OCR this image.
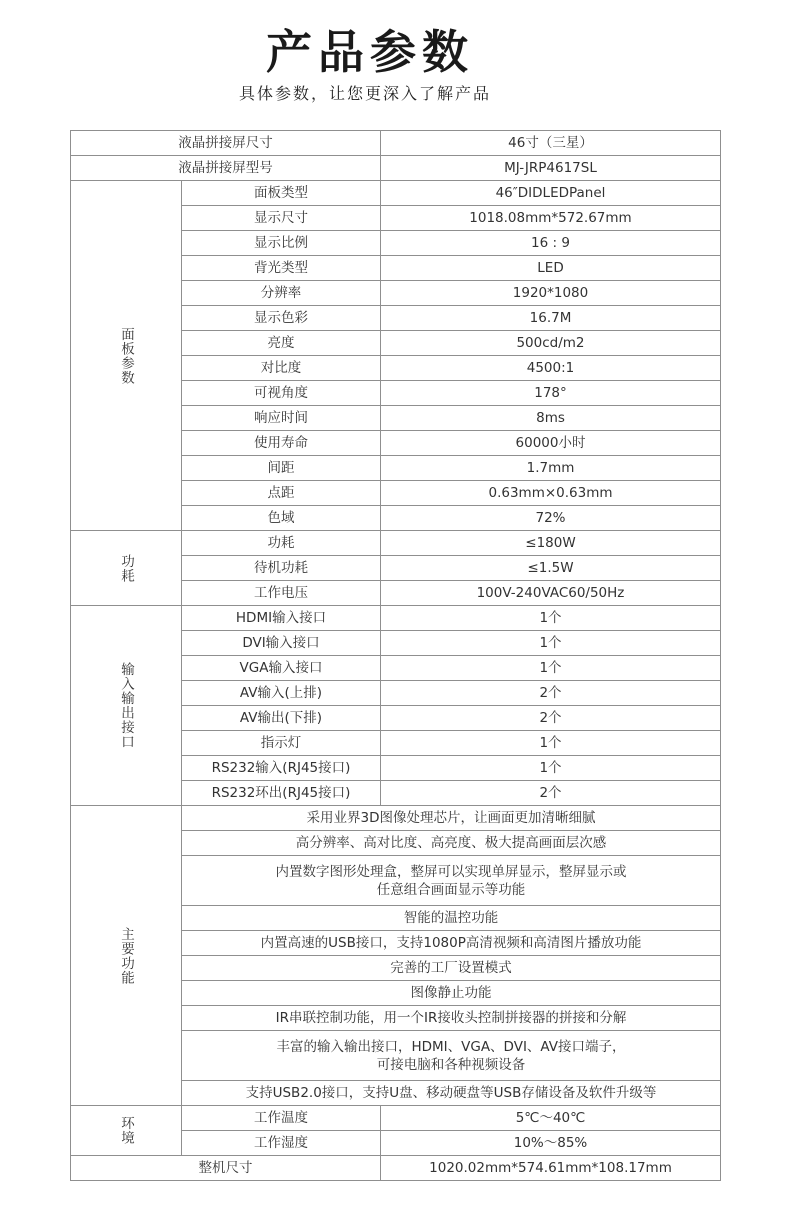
产品参数
具体参数，让您更深入了解产品
液晶拼接屏尺寸		46寸（三星）
液晶拼接屏型号		MJ-JRP4617SL
面板参数	面板类型	46″DIDLEDPanel
	显示尺寸	1018.08mm*572.67mm
	显示比例	16 : 9
	背光类型	LED
	分辨率	1920*1080
	显示色彩	16.7M
	亮度	500cd/m2
	对比度	4500:1
	可视角度	178°
	响应时间	8ms
	使用寿命	60000小时
	间距	1.7mm
	点距	0.63mm×0.63mm
	色域	72%
功耗	功耗	≤180W
	待机功耗	≤1.5W
	工作电压	100V-240VAC60/50Hz
输入输出接口	HDMI输入接口	1个
	DVI输入接口	1个
	VGA输入接口	1个
	AV输入(上排)	2个
	AV输出(下排)	2个
	指示灯	1个
	RS232输入(RJ45接口)	1个
	RS232环出(RJ45接口)	2个
主要功能	采用业界3D图像处理芯片，让画面更加清晰细腻	
	高分辨率、高对比度、高亮度、极大提高画面层次感	
	内置数字图形处理盒，整屏可以实现单屏显示，整屏显示或
任意组合画面显示等功能	
	智能的温控功能	
	内置高速的USB接口，支持1080P高清视频和高清图片播放功能	
	完善的工厂设置模式	
	图像静止功能	
	IR串联控制功能，用一个IR接收头控制拼接器的拼接和分解	
	丰富的输入输出接口，HDMI、VGA、DVI、AV接口端子，
可接电脑和各种视频设备	
	支持USB2.0接口，支持U盘、移动硬盘等USB存储设备及软件升级等	
环境	工作温度	5℃～40℃
	工作湿度	10%～85%
整机尺寸		1020.02mm*574.61mm*108.17mm
